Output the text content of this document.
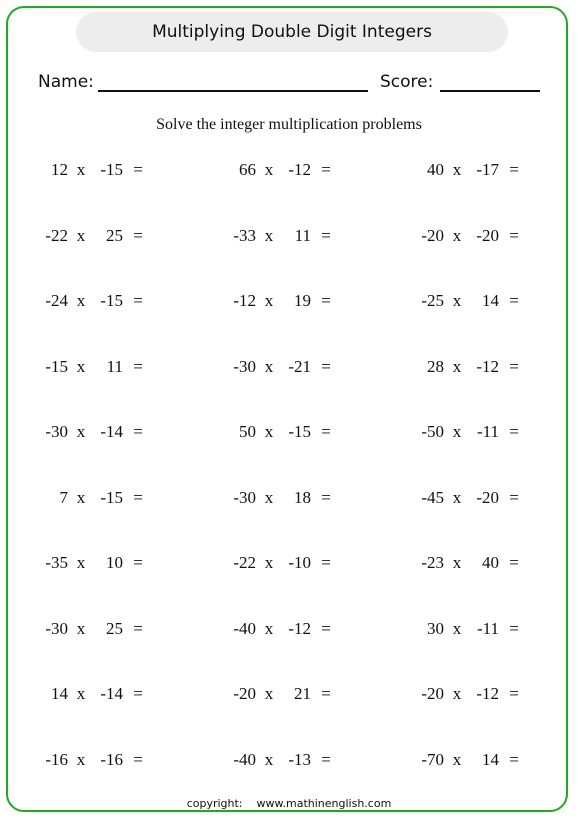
Multiplying Double Digit Integers
Name:	Score:
Solve the integer multiplication problems
12 x -15 =
-22 x	25 =
-24 x -15 =
-15 x	11 =
-30 x -14 =
7 x -15 =
-35 x	10 =
-30 x	25 =
14 x -14 =
-16 x -16 =
66 x -12 =
-33 x	11 =
-12 x	19 =
-30 x -21 =
50 x -15 =
-30 x	18 =
-22 x -10 =
-40 x -12 =
-20 x	21 =
-40 x -13 =
40 x -17 =
-20 x -20 =
-25 x	14 =
28 x -12 =
-50 x -11 =
-45 x -20 =
-23 x	40 =
30 x -11 =
-20 x -12 =
-70 x	14 =
copyright: www.mathinenglish.com
